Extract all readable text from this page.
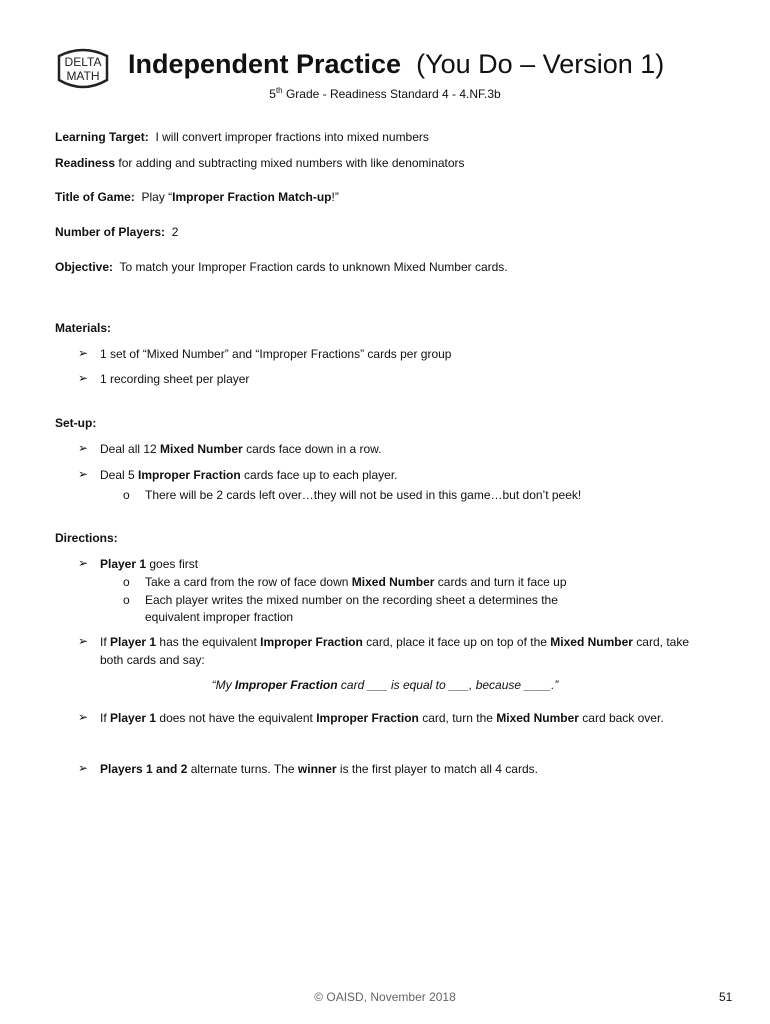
DELTA
MATH Independent Practice (You Do – Version 1)
5th Grade - Readiness Standard 4 - 4.NF.3b
Learning Target: I will convert improper fractions into mixed numbers
Readiness for adding and subtracting mixed numbers with like denominators
Title of Game: Play “Improper Fraction Match-up!”
Number of Players: 2
Objective: To match your Improper Fraction cards to unknown Mixed Number cards.
Materials:
➢ 1 set of “Mixed Number” and “Improper Fractions” cards per group
➢ 1 recording sheet per player
Set-up:
➢ Deal all 12 Mixed Number cards face down in a row.
➢ Deal 5 Improper Fraction cards face up to each player.
o There will be 2 cards left over…they will not be used in this game…but don’t peek!
Directions:
➢ Player 1 goes first
o Take a card from the row of face down Mixed Number cards and turn it face up
o Each player writes the mixed number on the recording sheet a determines the
equivalent improper fraction
➢ If Player 1 has the equivalent Improper Fraction card, place it face up on top of the Mixed Number card, take
both cards and say:
“My Improper Fraction card ___ is equal to ___, because ____.”
➢ If Player 1 does not have the equivalent Improper Fraction card, turn the Mixed Number card back over.
➢ Players 1 and 2 alternate turns. The winner is the first player to match all 4 cards.
© OAISD, November 2018	51
